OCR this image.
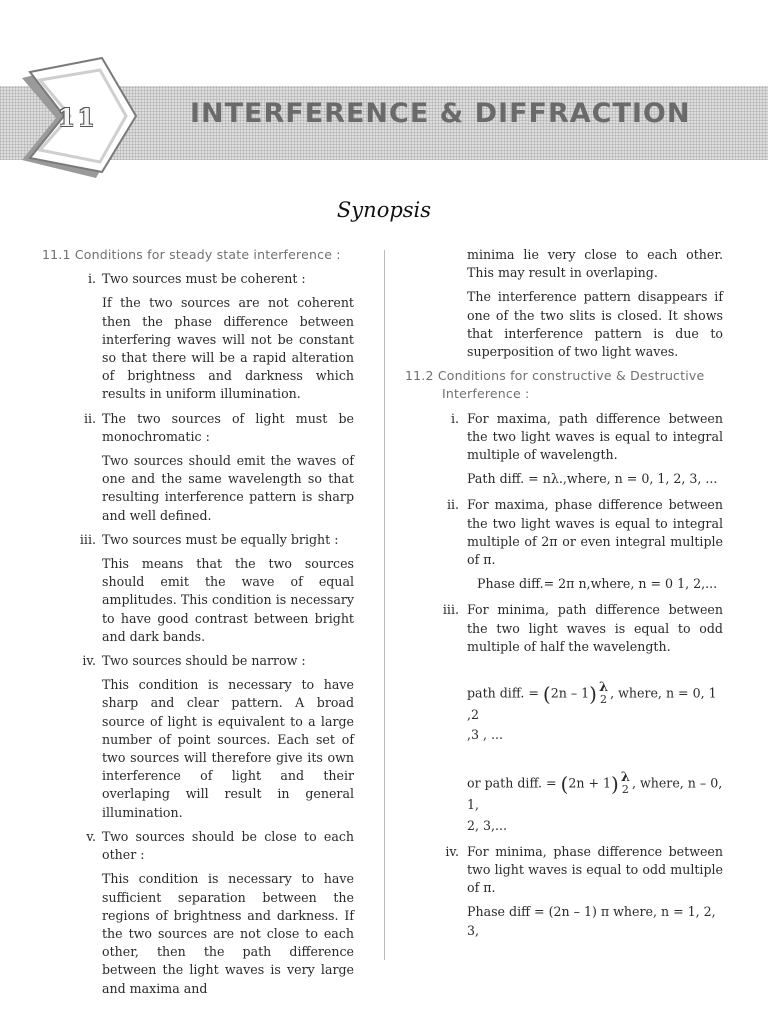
11	INTERFERENCE & DIFFRACTION
Synopsis
11.1 Conditions for steady state interference :
i. Two sources must be coherent :
If the two sources are not coherent then the phase difference between interfering waves will not be constant so that there will be a rapid alteration of brightness and darkness which results in uniform illumination.
ii. The two sources of light must be monochromatic :
Two sources should emit the waves of one and the same wavelength so that resulting interference pattern is sharp and well defined.
iii. Two sources must be equally bright :
This means that the two sources should emit the wave of equal amplitudes. This condition is necessary to have good contrast between bright and dark bands.
iv. Two sources should be narrow :
This condition is necessary to have sharp and clear pattern. A broad source of light is equivalent to a large number of point sources. Each set of two sources will therefore give its own interference of light and their overlaping will result in general illumination.
v. Two sources should be close to each other :
This condition is necessary to have sufficient separation between the regions of brightness and darkness. If the two sources are not close to each other, then the path difference between the light waves is very large and maxima and
minima lie very close to each other. This may result in overlaping.
The interference pattern disappears if one of the two slits is closed. It shows that interference pattern is due to superposition of two light waves.
11.2 Conditions for constructive & Destructive
Interference :
i. For maxima, path difference between the two light waves is equal to integral multiple of wavelength.
Path diff. = nλ.,where, n = 0, 1, 2, 3, ...
ii. For maxima, phase difference between the two light waves is equal to integral multiple of 2π or even integral multiple of π.
Phase diff.= 2π n,where, n = 0 1, 2,...
iii. For minima, path difference between the two light waves is equal to odd multiple of half the wavelength.
path diff. = (2n – 1) λ
2 , where, n = 0, 1 ,2
,3 , ...
or path diff. = (2n + 1) λ
2 , where, n – 0, 1,
2, 3,...
iv. For minima, phase difference between two light waves is equal to odd multiple of π.
Phase diff = (2n – 1) π where, n = 1, 2, 3,
